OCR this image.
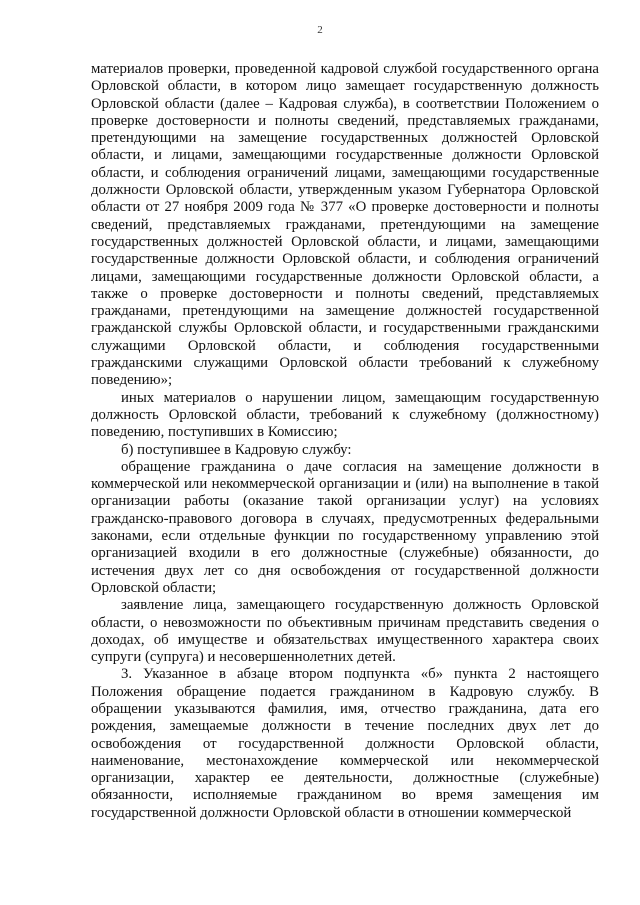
2

материалов проверки, проведенной кадровой службой государственного органа Орловской области, в котором лицо замещает государственную должность Орловской области (далее – Кадровая служба), в соответствии Положением о проверке достоверности и полноты сведений, представляемых гражданами, претендующими на замещение государственных должностей Орловской области, и лицами, замещающими государственные должности Орловской области, и соблюдения ограничений лицами, замещающими государственные должности Орловской области, утвержденным указом Губернатора Орловской области от 27 ноября 2009 года № 377 «О проверке достоверности и полноты сведений, представляемых гражданами, претендующими на замещение государственных должностей Орловской области, и лицами, замещающими государственные должности Орловской области, и соблюдения ограничений лицами, замещающими государственные должности Орловской области, а также о проверке достоверности и полноты сведений, представляемых гражданами, претендующими на замещение должностей государственной гражданской службы Орловской области, и государственными гражданскими служащими Орловской области, и соблюдения государственными гражданскими служащими Орловской области требований к служебному поведению»;

иных материалов о нарушении лицом, замещающим государственную должность Орловской области, требований к служебному (должностному) поведению, поступивших в Комиссию;

б) поступившее в Кадровую службу:

обращение гражданина о даче согласия на замещение должности в коммерческой или некоммерческой организации и (или) на выполнение в такой организации работы (оказание такой организации услуг) на условиях гражданско-правового договора в случаях, предусмотренных федеральными законами, если отдельные функции по государственному управлению этой организацией входили в его должностные (служебные) обязанности, до истечения двух лет со дня освобождения от государственной должности Орловской области;

заявление лица, замещающего государственную должность Орловской области, о невозможности по объективным причинам представить сведения о доходах, об имуществе и обязательствах имущественного характера своих супруги (супруга) и несовершеннолетних детей.

3. Указанное в абзаце втором подпункта «б» пункта 2 настоящего Положения обращение подается гражданином в Кадровую службу. В обращении указываются фамилия, имя, отчество гражданина, дата его рождения, замещаемые должности в течение последних двух лет до освобождения от государственной должности Орловской области, наименование, местонахождение коммерческой или некоммерческой организации, характер ее деятельности, должностные (служебные) обязанности, исполняемые гражданином во время замещения им государственной должности Орловской области в отношении коммерческой
